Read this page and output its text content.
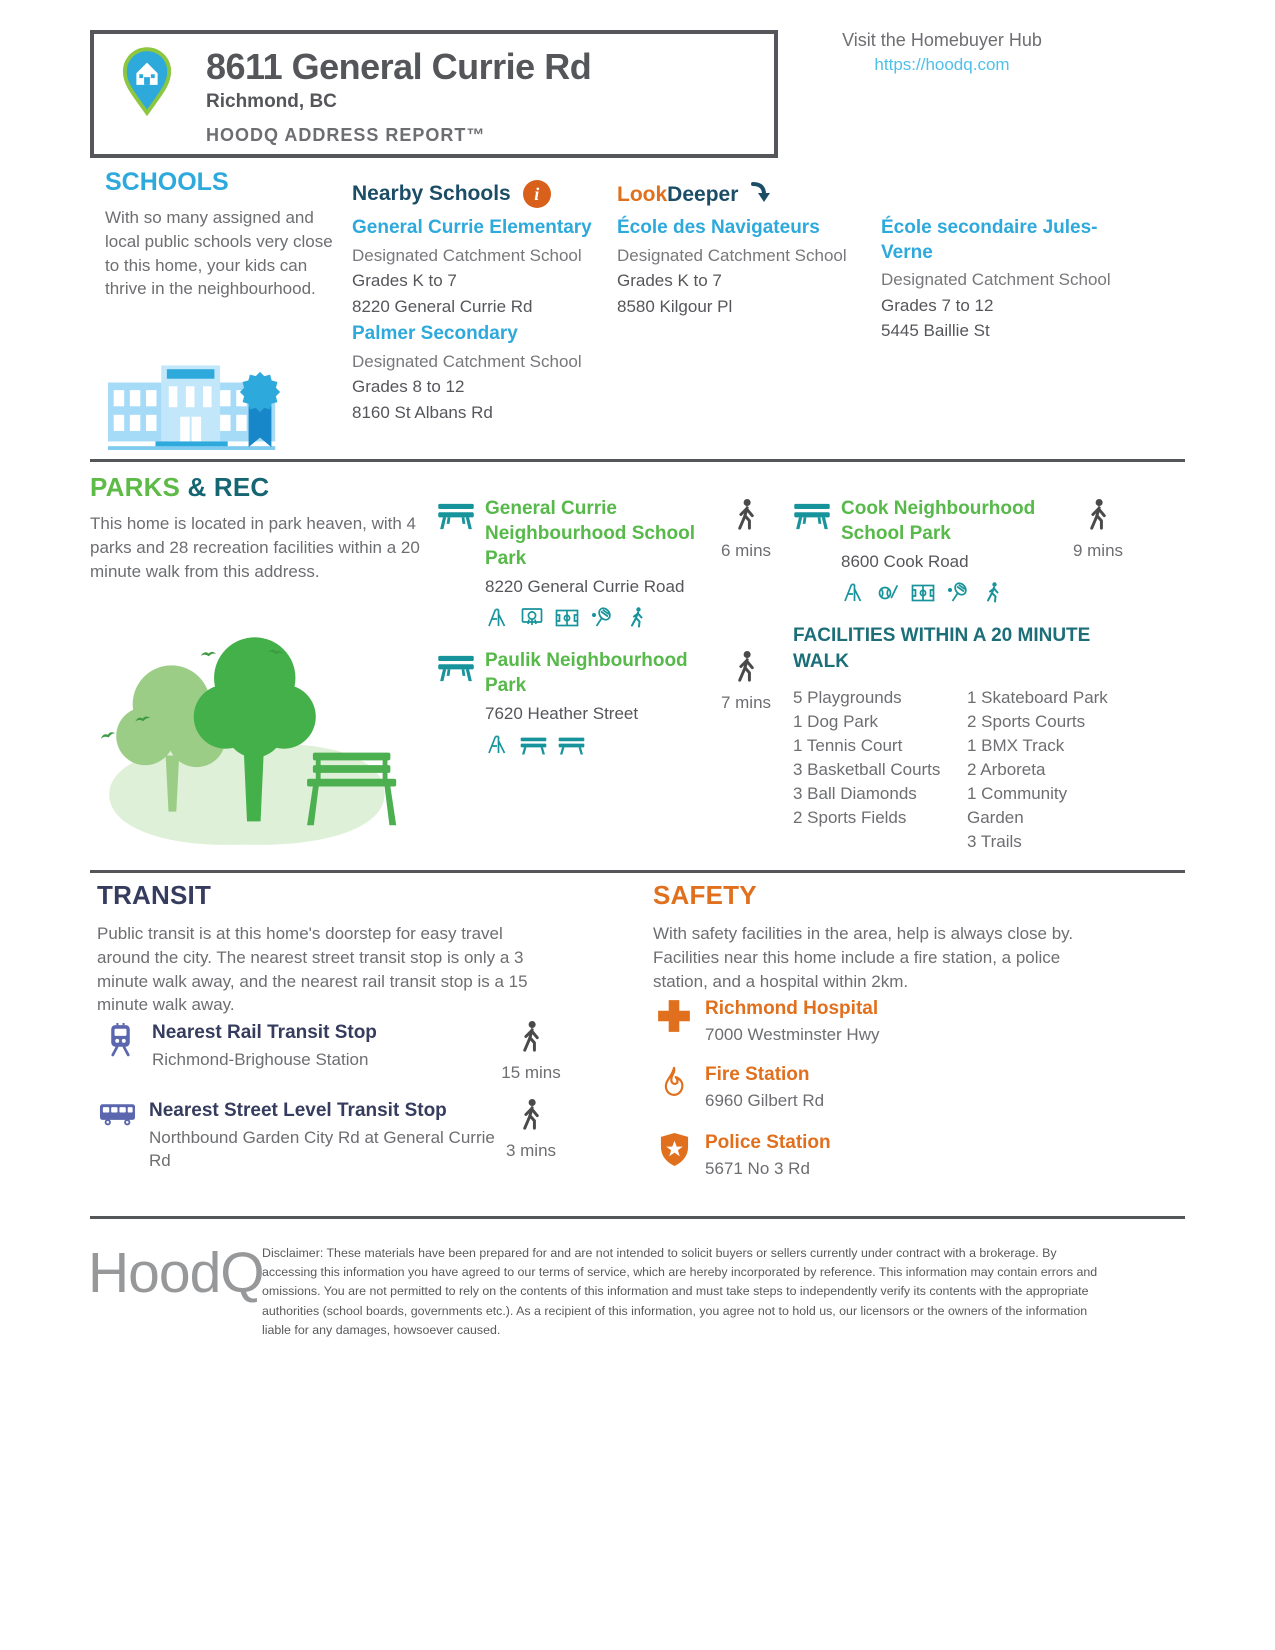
8611 General Currie Rd
Richmond, BC
HOODQ ADDRESS REPORT™
Visit the Homebuyer Hub
https://hoodq.com
SCHOOLS
With so many assigned and local public schools very close to this home, your kids can thrive in the neighbourhood.
Nearby Schools	i	LookDeeper
General Currie Elementary
Designated Catchment School
Grades K to 7
8220 General Currie Rd
Palmer Secondary
Designated Catchment School
Grades 8 to 12
8160 St Albans Rd
École des Navigateurs
Designated Catchment School
Grades K to 7
8580 Kilgour Pl
École secondaire Jules-Verne
Designated Catchment School
Grades 7 to 12
5445 Baillie St
PARKS & REC
This home is located in park heaven, with 4 parks and 28 recreation facilities within a 20 minute walk from this address.
General Currie Neighbourhood School Park
8220 General Currie Road
6 mins
Cook Neighbourhood School Park
8600 Cook Road
9 mins
Paulik Neighbourhood Park
7620 Heather Street
7 mins
FACILITIES WITHIN A 20 MINUTE WALK
5 Playgrounds
1 Dog Park
1 Tennis Court
3 Basketball Courts
3 Ball Diamonds
2 Sports Fields
1 Skateboard Park
2 Sports Courts
1 BMX Track
2 Arboreta
1 Community Garden
3 Trails
TRANSIT
Public transit is at this home's doorstep for easy travel around the city. The nearest street transit stop is only a 3 minute walk away, and the nearest rail transit stop is a 15 minute walk away.
Nearest Rail Transit Stop
Richmond-Brighouse Station
15 mins
Nearest Street Level Transit Stop
Northbound Garden City Rd at General Currie Rd
3 mins
SAFETY
With safety facilities in the area, help is always close by. Facilities near this home include a fire station, a police station, and a hospital within 2km.
Richmond Hospital
7000 Westminster Hwy
Fire Station
6960 Gilbert Rd
Police Station
5671 No 3 Rd
HoodQ
Disclaimer: These materials have been prepared for and are not intended to solicit buyers or sellers currently under contract with a brokerage. By accessing this information you have agreed to our terms of service, which are hereby incorporated by reference. This information may contain errors and omissions. You are not permitted to rely on the contents of this information and must take steps to independently verify its contents with the appropriate authorities (school boards, governments etc.). As a recipient of this information, you agree not to hold us, our licensors or the owners of the information liable for any damages, howsoever caused.
